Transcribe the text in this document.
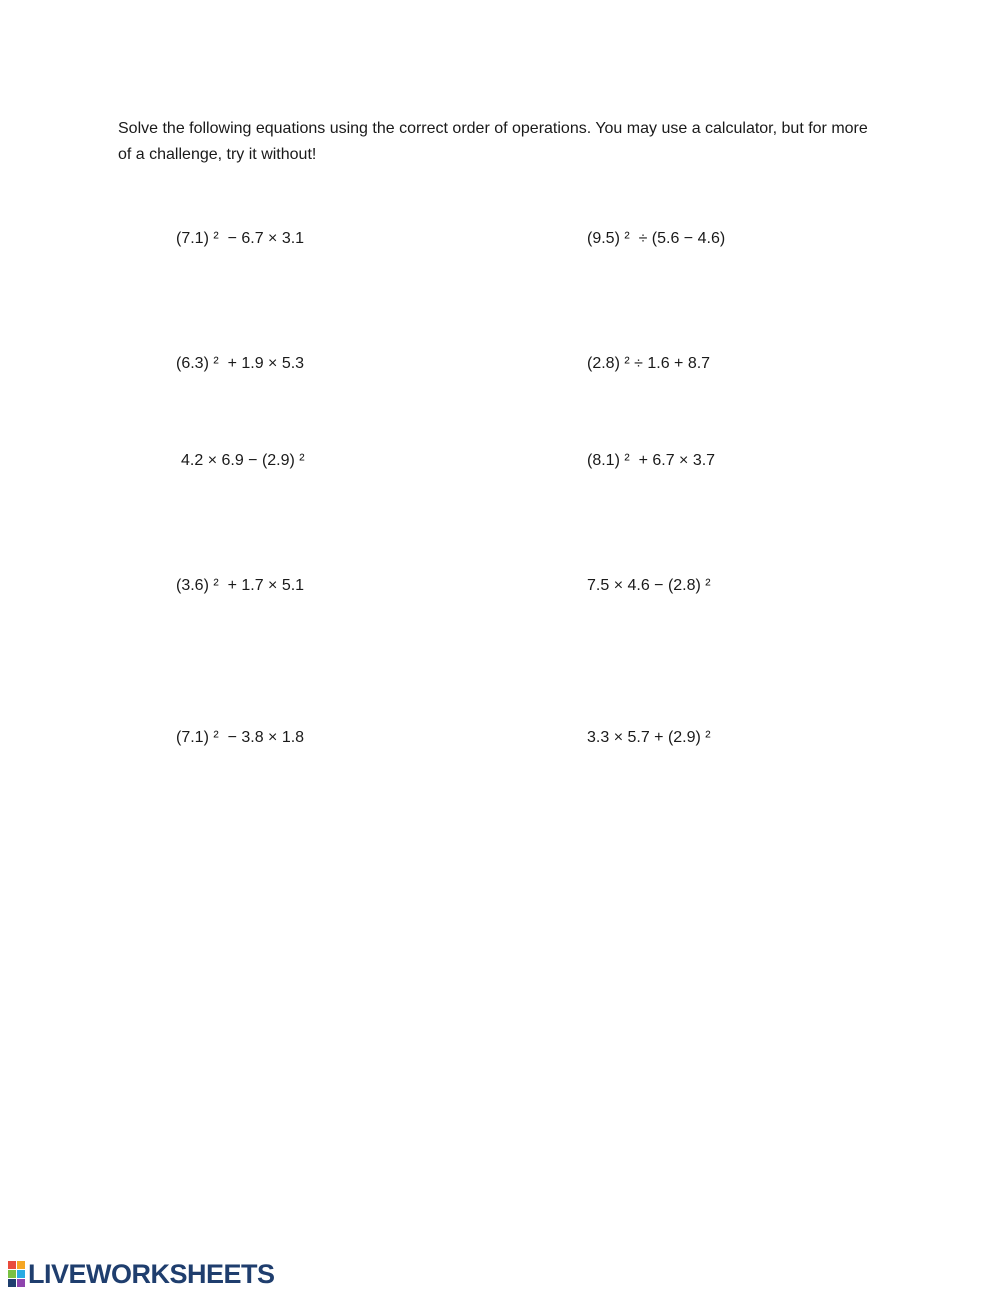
Solve the following equations using the correct order of operations. You may use a calculator, but for more of a challenge, try it without!

(7.1) ²  − 6.7 × 3.1	(9.5) ²  ÷ (5.6 − 4.6)
(6.3) ²  + 1.9 × 5.3	(2.8) ² ÷ 1.6 + 8.7
4.2 × 6.9 − (2.9) ²	(8.1) ²  + 6.7 × 3.7
(3.6) ²  + 1.7 × 5.1	7.5 × 4.6 − (2.8) ²
(7.1) ²  − 3.8 × 1.8	3.3 × 5.7 + (2.9) ²
LIVEWORKSHEETS
